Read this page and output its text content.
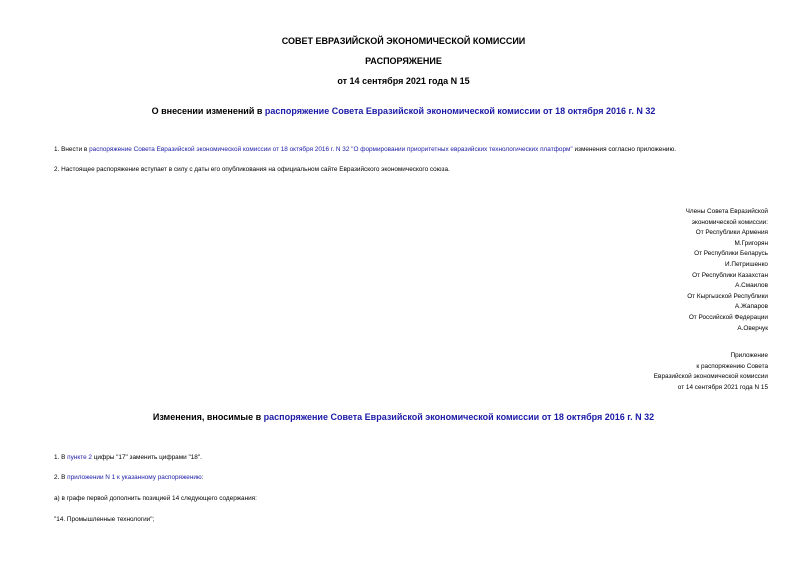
СОВЕТ ЕВРАЗИЙСКОЙ ЭКОНОМИЧЕСКОЙ КОМИССИИ
РАСПОРЯЖЕНИЕ
от 14 сентября 2021 года N 15
О внесении изменений в распоряжение Совета Евразийской экономической комиссии от 18 октября 2016 г. N 32
1. Внести в распоряжение Совета Евразийской экономической комиссии от 18 октября 2016 г. N 32 "О формировании приоритетных евразийских технологических платформ" изменения согласно приложению.
2. Настоящее распоряжение вступает в силу с даты его опубликования на официальном сайте Евразийского экономического союза.
Члены Совета Евразийской
экономической комиссии:
От Республики Армения
М.Григорян
От Республики Беларусь
И.Петришенко
От Республики Казахстан
А.Смаилов
От Кыргызской Республики
А.Жапаров
От Российской Федерации
А.Оверчук
Приложение
к распоряжению Совета
Евразийской экономической комиссии
от 14 сентября 2021 года N 15
Изменения, вносимые в распоряжение Совета Евразийской экономической комиссии от 18 октября 2016 г. N 32
1. В пункте 2 цифры "17" заменить цифрами "18".
2. В приложении N 1 к указанному распоряжению:
а) в графе первой дополнить позицией 14 следующего содержания:
"14. Промышленные технологии";
